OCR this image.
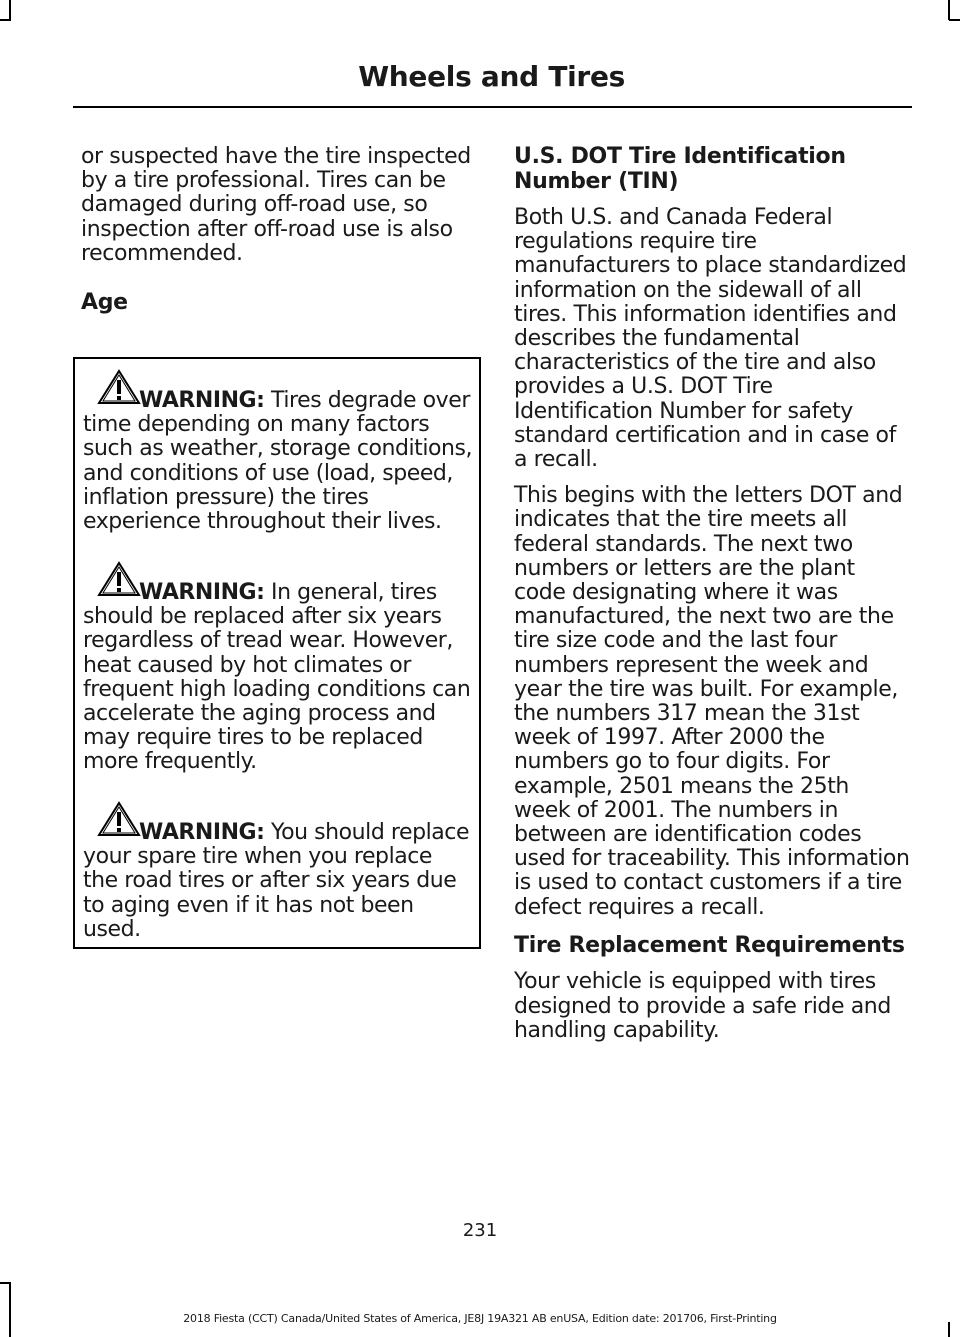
Wheels and Tires

or suspected have the tire inspected by a tire professional. Tires can be damaged during off-road use, so inspection after off-road use is also recommended.

Age

WARNING: Tires degrade over time depending on many factors such as weather, storage conditions, and conditions of use (load, speed, inflation pressure) the tires experience throughout their lives.

WARNING: In general, tires should be replaced after six years regardless of tread wear. However, heat caused by hot climates or frequent high loading conditions can accelerate the aging process and may require tires to be replaced more frequently.

WARNING: You should replace your spare tire when you replace the road tires or after six years due to aging even if it has not been used.

U.S. DOT Tire Identification Number (TIN)

Both U.S. and Canada Federal regulations require tire manufacturers to place standardized information on the sidewall of all tires. This information identifies and describes the fundamental characteristics of the tire and also provides a U.S. DOT Tire Identification Number for safety standard certification and in case of a recall.

This begins with the letters DOT and indicates that the tire meets all federal standards. The next two numbers or letters are the plant code designating where it was manufactured, the next two are the tire size code and the last four numbers represent the week and year the tire was built. For example, the numbers 317 mean the 31st week of 1997. After 2000 the numbers go to four digits. For example, 2501 means the 25th week of 2001. The numbers in between are identification codes used for traceability. This information is used to contact customers if a tire defect requires a recall.

Tire Replacement Requirements

Your vehicle is equipped with tires designed to provide a safe ride and handling capability.

231
2018 Fiesta (CCT) Canada/United States of America, JE8J 19A321 AB enUSA, Edition date: 201706, First-Printing
